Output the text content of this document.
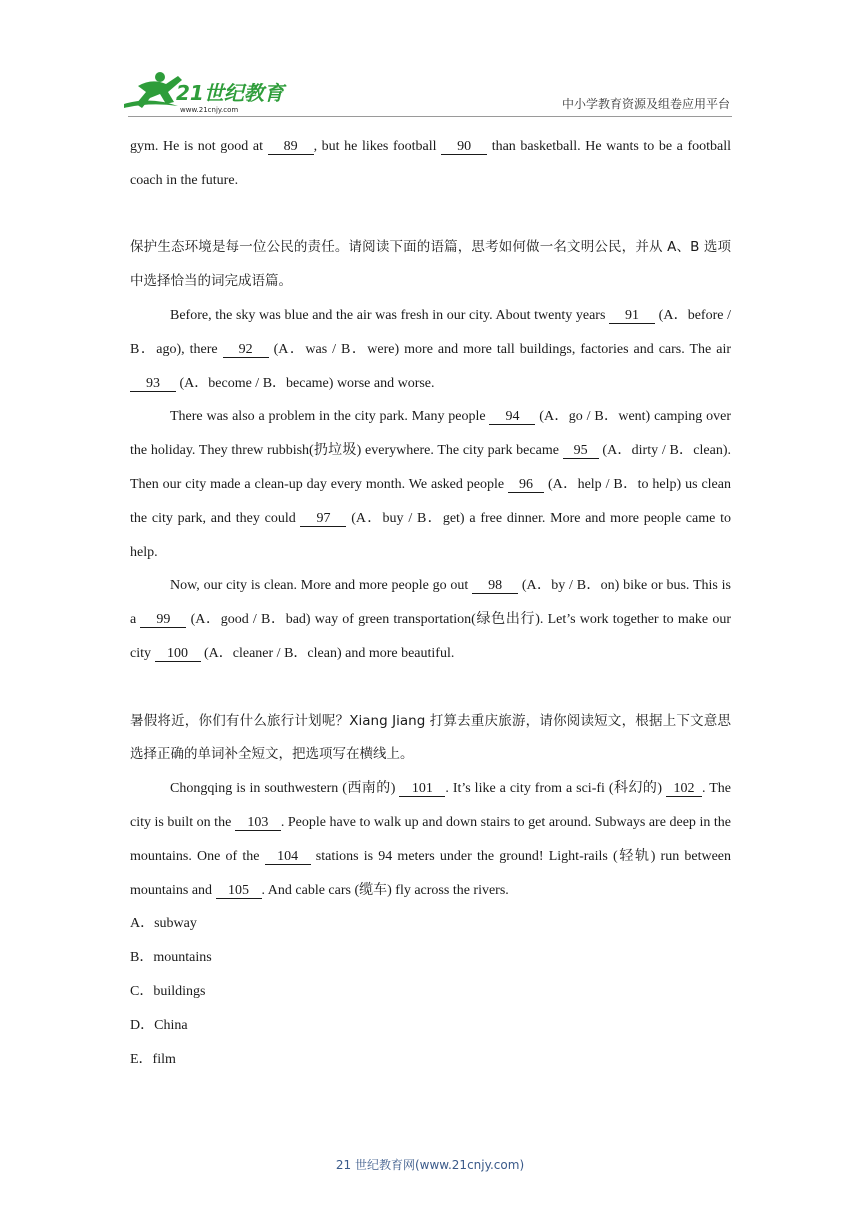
21世纪教育
www.21cnjy.com	中小学教育资源及组卷应用平台

gym. He is not good at 89 , but he likes football 90 than basketball. He wants to be a football coach in the future.

保护生态环境是每一位公民的责任。请阅读下面的语篇，思考如何做一名文明公民，并从 A、B 选项中选择恰当的词完成语篇。

Before, the sky was blue and the air was fresh in our city. About twenty years 91 (A．before / B．ago), there 92 (A．was / B．were) more and more tall buildings, factories and cars. The air 93 (A．become / B．became) worse and worse.

There was also a problem in the city park. Many people 94 (A．go / B．went) camping over the holiday. They threw rubbish(扔垃圾) everywhere. The city park became 95 (A．dirty / B．clean). Then our city made a clean-up day every month. We asked people 96 (A．help / B．to help) us clean the city park, and they could 97 (A．buy / B．get) a free dinner. More and more people came to help.

Now, our city is clean. More and more people go out 98 (A．by / B．on) bike or bus. This is a 99 (A．good / B．bad) way of green transportation(绿色出行). Let’s work together to make our city 100 (A．cleaner / B．clean) and more beautiful.

暑假将近，你们有什么旅行计划呢？Xiang Jiang 打算去重庆旅游，请你阅读短文，根据上下文意思选择正确的单词补全短文，把选项写在横线上。

Chongqing is in southwestern (西南的) 101 . It’s like a city from a sci-fi (科幻的) 102 . The city is built on the 103 . People have to walk up and down stairs to get around. Subways are deep in the mountains. One of the 104 stations is 94 meters under the ground! Light-rails (轻轨) run between mountains and 105 . And cable cars (缆车) fly across the rivers.

A．subway

B．mountains

C．buildings

D．China

E．film

21 世纪教育网(www.21cnjy.com)
